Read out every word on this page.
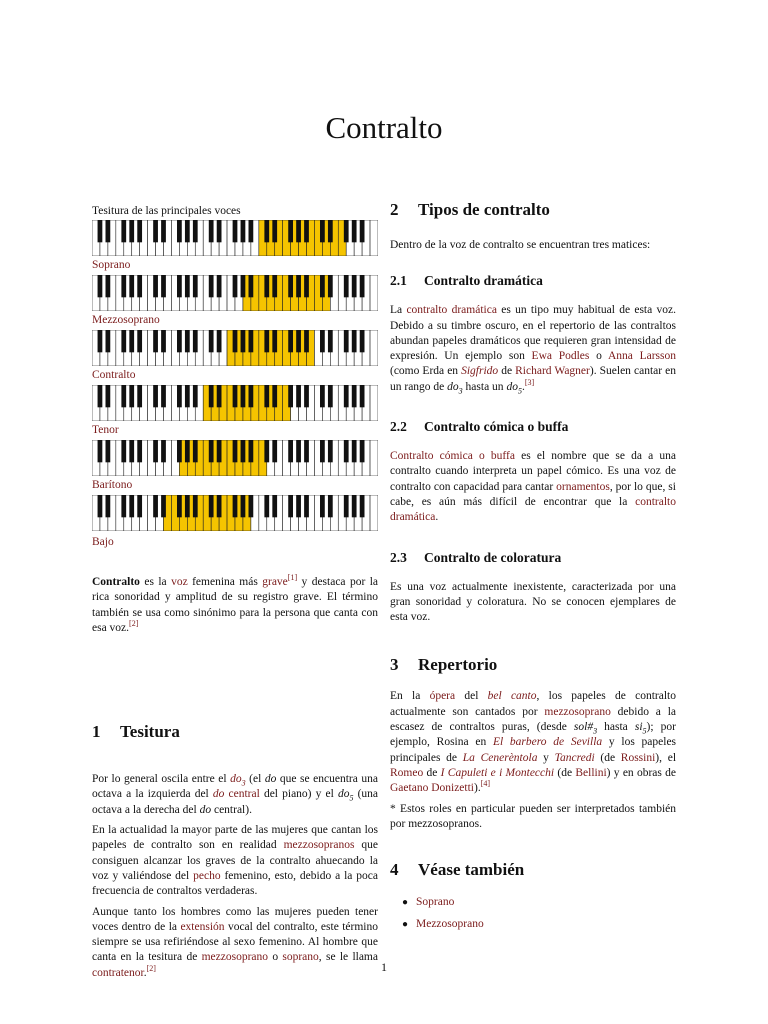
Contralto
Tesitura de las principales voces
Soprano
Mezzosoprano
Contralto
Tenor
Barítono
Bajo

Contralto es la voz femenina más grave[1] y destaca por la rica sonoridad y amplitud de su registro grave. El término también se usa como sinónimo para la persona que canta con esa voz.[2]

1	Tesitura

Por lo general oscila entre el $do_3$ (el do que se encuentra una octava a la izquierda del do central del piano) y el $do_5$ (una octava a la derecha del do central).

En la actualidad la mayor parte de las mujeres que cantan los papeles de contralto son en realidad mezzosopranos que consiguen alcanzar los graves de la contralto ahuecando la voz y valiéndose del pecho femenino, esto, debido a la poca frecuencia de contraltos verdaderas.

Aunque tanto los hombres como las mujeres pueden tener voces dentro de la extensión vocal del contralto, este término siempre se usa refiriéndose al sexo femenino. Al hombre que canta en la tesitura de mezzosoprano o soprano, se le llama contratenor.[2]

2	Tipos de contralto

Dentro de la voz de contralto se encuentran tres matices:

2.1	Contralto dramática

La contralto dramática es un tipo muy habitual de esta voz. Debido a su timbre oscuro, en el repertorio de las contraltos abundan papeles dramáticos que requieren gran intensidad de expresión. Un ejemplo son Ewa Podles o Anna Larsson (como Erda en Sigfrido de Richard Wagner). Suelen cantar en un rango de $do_3$ hasta un $do_5.[3]$

2.2	Contralto cómica o buffa

Contralto cómica o buffa es el nombre que se da a una contralto cuando interpreta un papel cómico. Es una voz de contralto con capacidad para cantar ornamentos, por lo que, si cabe, es aún más difícil de encontrar que la contralto dramática.

2.3	Contralto de coloratura

Es una voz actualmente inexistente, caracterizada por una gran sonoridad y coloratura. No se conocen ejemplares de esta voz.

3	Repertorio

En la ópera del bel canto, los papeles de contralto actualmente son cantados por mezzosoprano debido a la escasez de contraltos puras, (desde $sol\#_3$ hasta $si_5$); por ejemplo, Rosina en El barbero de Sevilla y los papeles principales de La Cenerèntola y Tancredi (de Rossini), el Romeo de I Capuleti e i Montecchi (de Bellini) y en obras de Gaetano Donizetti).[4]

* Estos roles en particular pueden ser interpretados también por mezzosopranos.

4	Véase también
● Soprano
● Mezzosoprano
1
